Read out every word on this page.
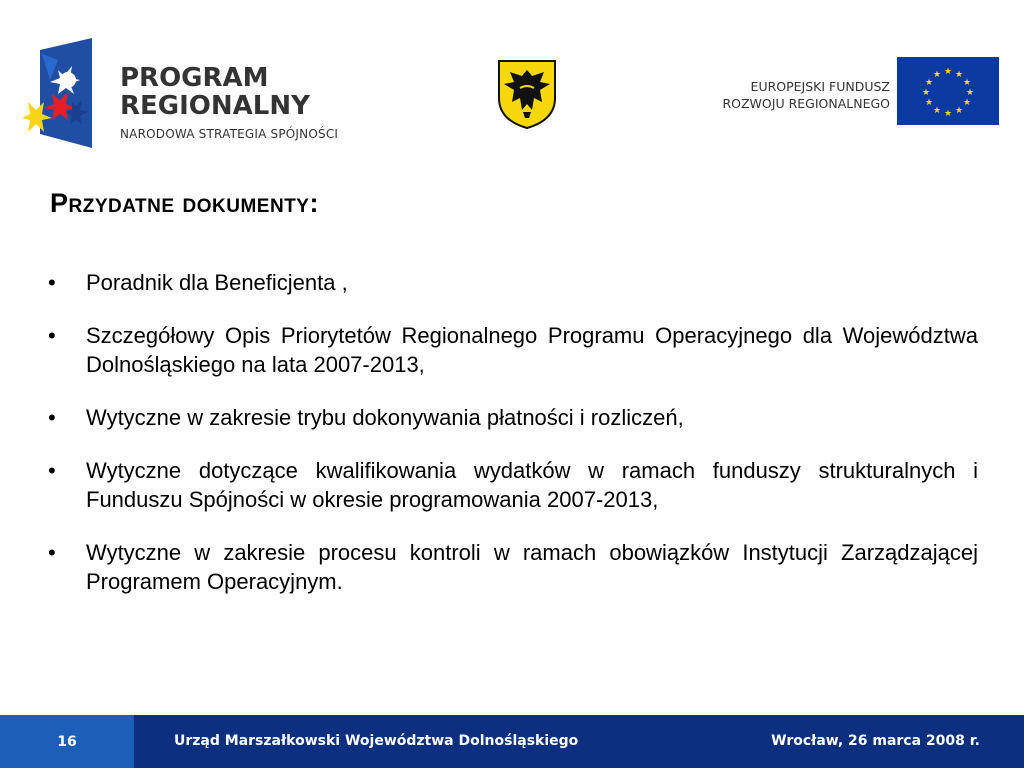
PROGRAM
REGIONALNY
NARODOWA STRATEGIA SPÓJNOŚCI
EUROPEJSKI FUNDUSZ
ROZWOJU REGIONALNEGO
★ ★
★
★
★
★
★
★
★
★
★
★
Przydatne dokumenty:
• Poradnik dla Beneficjenta ,
• Szczegółowy Opis Priorytetów Regionalnego Programu Operacyjnego dla Województwa Dolnośląskiego na lata 2007-2013,
• Wytyczne w zakresie trybu dokonywania płatności i rozliczeń,
• Wytyczne dotyczące kwalifikowania wydatków w ramach funduszy strukturalnych i Funduszu Spójności w okresie programowania 2007-2013,
• Wytyczne w zakresie procesu kontroli w ramach obowiązków Instytucji Zarządzającej Programem Operacyjnym.
16	Urząd Marszałkowski Województwa Dolnośląskiego	Wrocław, 26 marca 2008 r.
